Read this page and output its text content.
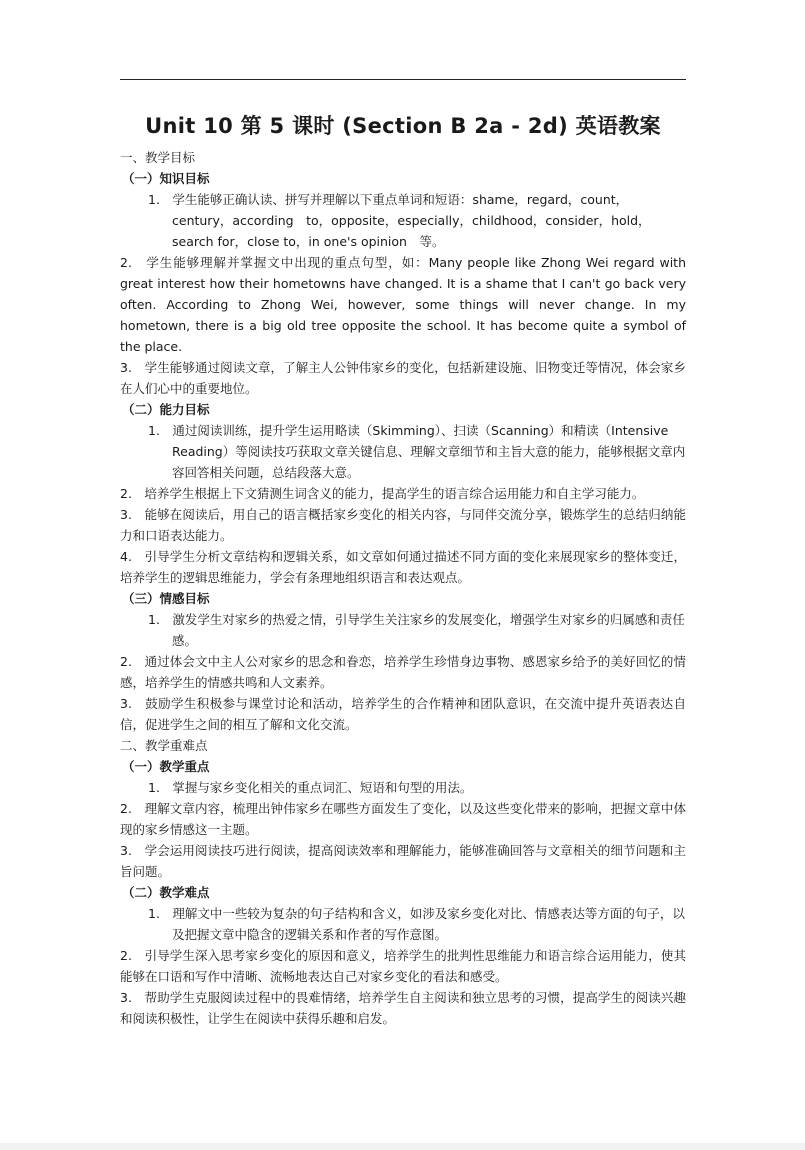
Unit 10 第 5 课时 (Section B 2a - 2d) 英语教案

一、教学目标

（一）知识目标

1.　学生能够正确认读、拼写并理解以下重点单词和短语：shame，regard，count，century，according　to，opposite，especially，childhood，consider，hold，search for，close to，in one's opinion　等。

2.　学生能够理解并掌握文中出现的重点句型，如：Many people like Zhong Wei regard with great interest how their hometowns have changed. It is a shame that I can't go back very often. According to Zhong Wei, however, some things will never change. In my hometown, there is a big old tree opposite the school. It has become quite a symbol of the place.

3.　学生能够通过阅读文章，了解主人公钟伟家乡的变化，包括新建设施、旧物变迁等情况，体会家乡在人们心中的重要地位。

（二）能力目标

1.　通过阅读训练，提升学生运用略读（Skimming）、扫读（Scanning）和精读（Intensive Reading）等阅读技巧获取文章关键信息、理解文章细节和主旨大意的能力，能够根据文章内容回答相关问题，总结段落大意。

2.　培养学生根据上下文猜测生词含义的能力，提高学生的语言综合运用能力和自主学习能力。

3.　能够在阅读后，用自己的语言概括家乡变化的相关内容，与同伴交流分享，锻炼学生的总结归纳能力和口语表达能力。

4.　引导学生分析文章结构和逻辑关系，如文章如何通过描述不同方面的变化来展现家乡的整体变迁，培养学生的逻辑思维能力，学会有条理地组织语言和表达观点。

（三）情感目标

1.　激发学生对家乡的热爱之情，引导学生关注家乡的发展变化，增强学生对家乡的归属感和责任感。

2.　通过体会文中主人公对家乡的思念和眷恋，培养学生珍惜身边事物、感恩家乡给予的美好回忆的情感，培养学生的情感共鸣和人文素养。

3.　鼓励学生积极参与课堂讨论和活动，培养学生的合作精神和团队意识，在交流中提升英语表达自信，促进学生之间的相互了解和文化交流。

二、教学重难点

（一）教学重点

1.　掌握与家乡变化相关的重点词汇、短语和句型的用法。

2.　理解文章内容，梳理出钟伟家乡在哪些方面发生了变化，以及这些变化带来的影响，把握文章中体现的家乡情感这一主题。

3.　学会运用阅读技巧进行阅读，提高阅读效率和理解能力，能够准确回答与文章相关的细节问题和主旨问题。

（二）教学难点

1.　理解文中一些较为复杂的句子结构和含义，如涉及家乡变化对比、情感表达等方面的句子，以及把握文章中隐含的逻辑关系和作者的写作意图。

2.　引导学生深入思考家乡变化的原因和意义，培养学生的批判性思维能力和语言综合运用能力，使其能够在口语和写作中清晰、流畅地表达自己对家乡变化的看法和感受。

3.　帮助学生克服阅读过程中的畏难情绪，培养学生自主阅读和独立思考的习惯，提高学生的阅读兴趣和阅读积极性，让学生在阅读中获得乐趣和启发。
